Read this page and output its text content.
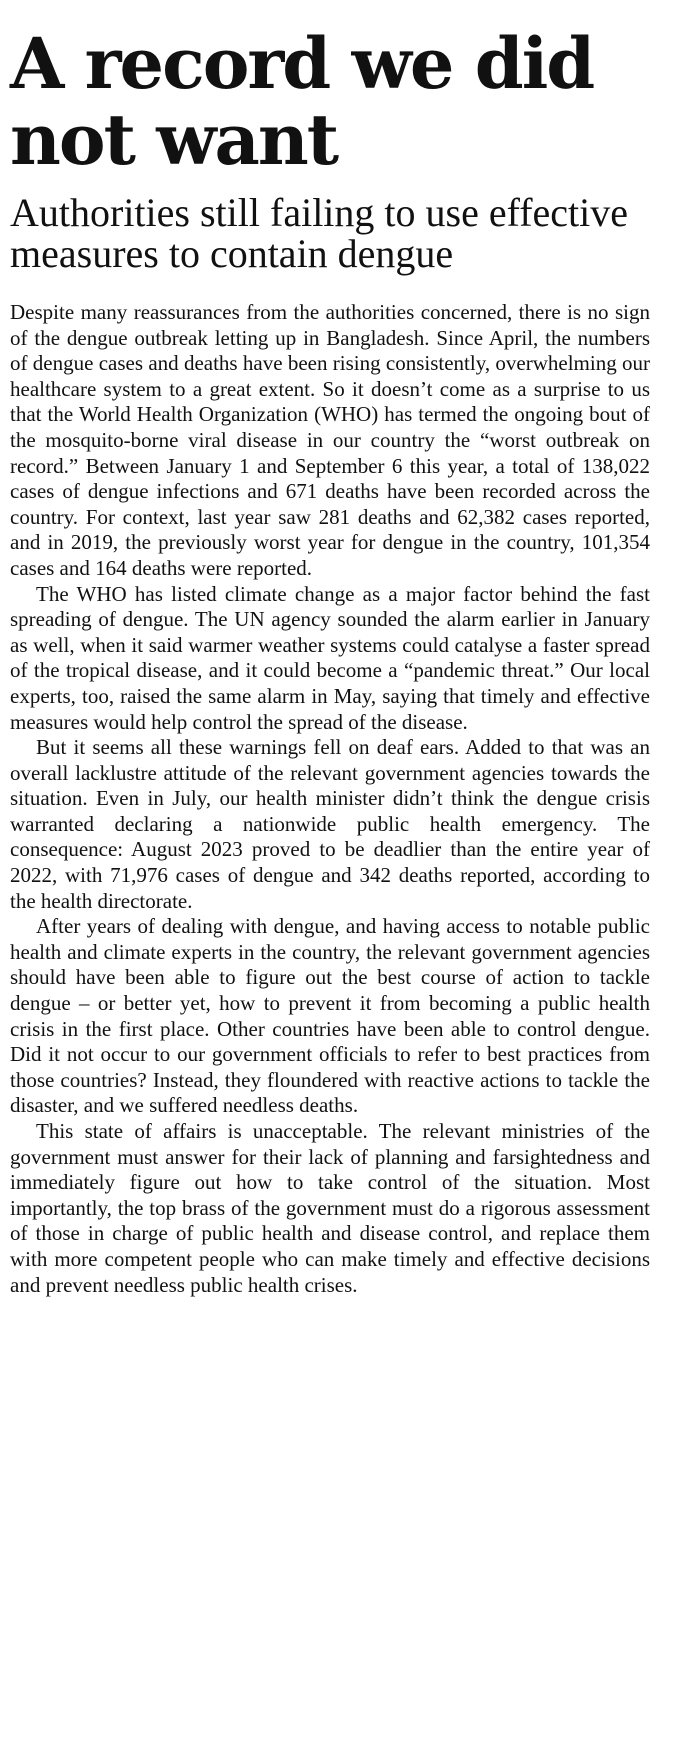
A record we did not want
Authorities still failing to use effective measures to contain dengue

Despite many reassurances from the authorities concerned, there is no sign of the dengue outbreak letting up in Bangladesh. Since April, the numbers of dengue cases and deaths have been rising consistently, overwhelming our healthcare system to a great extent. So it doesn’t come as a surprise to us that the World Health Organization (WHO) has termed the ongoing bout of the mosquito-borne viral disease in our country the “worst outbreak on record.” Between January 1 and September 6 this year, a total of 138,022 cases of dengue infections and 671 deaths have been recorded across the country. For context, last year saw 281 deaths and 62,382 cases reported, and in 2019, the previously worst year for dengue in the country, 101,354 cases and 164 deaths were reported.

The WHO has listed climate change as a major factor behind the fast spreading of dengue. The UN agency sounded the alarm earlier in January as well, when it said warmer weather systems could catalyse a faster spread of the tropical disease, and it could become a “pandemic threat.” Our local experts, too, raised the same alarm in May, saying that timely and effective measures would help control the spread of the disease.

But it seems all these warnings fell on deaf ears. Added to that was an overall lacklustre attitude of the relevant government agencies towards the situation. Even in July, our health minister didn’t think the dengue crisis warranted declaring a nationwide public health emergency. The consequence: August 2023 proved to be deadlier than the entire year of 2022, with 71,976 cases of dengue and 342 deaths reported, according to the health directorate.

After years of dealing with dengue, and having access to notable public health and climate experts in the country, the relevant government agencies should have been able to figure out the best course of action to tackle dengue – or better yet, how to prevent it from becoming a public health crisis in the first place. Other countries have been able to control dengue. Did it not occur to our government officials to refer to best practices from those countries? Instead, they floundered with reactive actions to tackle the disaster, and we suffered needless deaths.

This state of affairs is unacceptable. The relevant ministries of the government must answer for their lack of planning and farsightedness and immediately figure out how to take control of the situation. Most importantly, the top brass of the government must do a rigorous assessment of those in charge of public health and disease control, and replace them with more competent people who can make timely and effective decisions and prevent needless public health crises.
